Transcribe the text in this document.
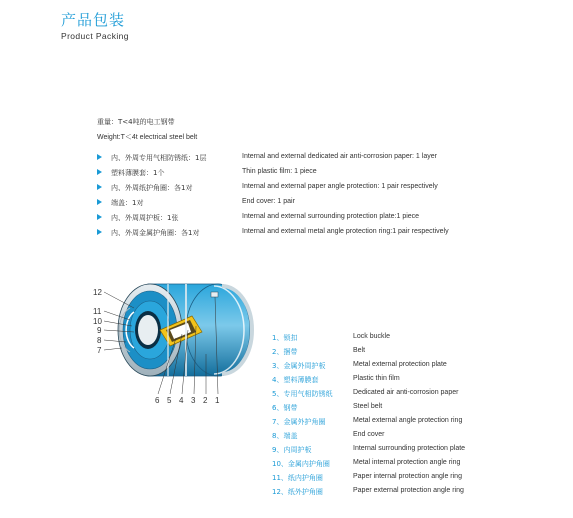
产品包装
Product Packing
重量：T<4吨的电工钢带
Weight:T＜4t electrical steel belt
内、外周专用气相防锈纸：1层	Internal and external dedicated air anti-corrosion paper: 1 layer
塑料薄膜套：1个	Thin plastic film: 1 piece
内、外周纸护角圈：各1对	Internal and external paper angle protection: 1 pair respectively
端盖：1对	End cover: 1 pair
内、外周周护板：1张	Internal and external surrounding protection plate:1 piece
内、外周金属护角圈：各1对	Internal and external metal angle protection ring:1 pair respectively
12
11
10
9
8
7
6 5 4 3 2 1
1、锁扣	Lock buckle
2、捆带	Belt
3、金属外周护板	Metal external protection plate
4、塑料薄膜套	Plastic thin film
5、专用气相防锈纸	Dedicated air anti-corrosion paper
6、钢带	Steel belt
7、金属外护角圈	Metal external angle protection ring
8、端盖	End cover
9、内周护板	Internal surrounding protection plate
10、金属内护角圈	Metal internal protection angle ring
11、纸内护角圈	Paper internal protection angle ring
12、纸外护角圈	Paper external protection angle ring
